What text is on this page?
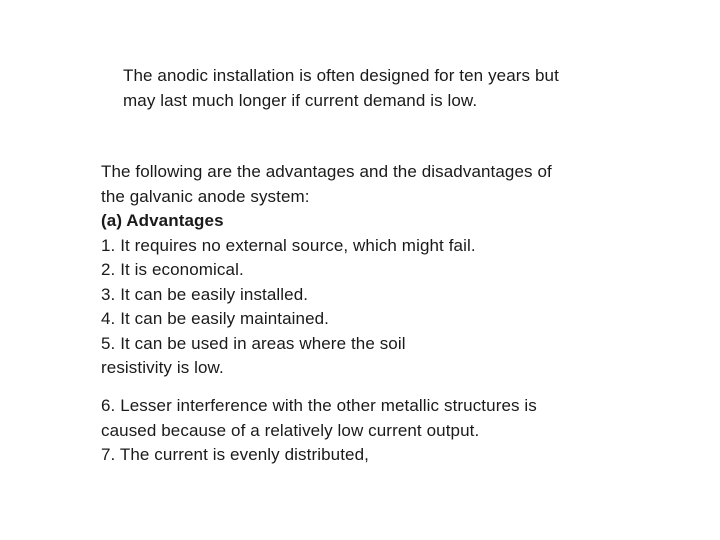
The anodic installation is often designed for ten years but
may last much longer if current demand is low.
The following are the advantages and the disadvantages of
the galvanic anode system:
(a) Advantages
1. It requires no external source, which might fail.
2. It is economical.
3. It can be easily installed.
4. It can be easily maintained.
5. It can be used in areas where the soil
resistivity is low.
6. Lesser interference with the other metallic structures is
caused because of a relatively low current output.
7. The current is evenly distributed,
